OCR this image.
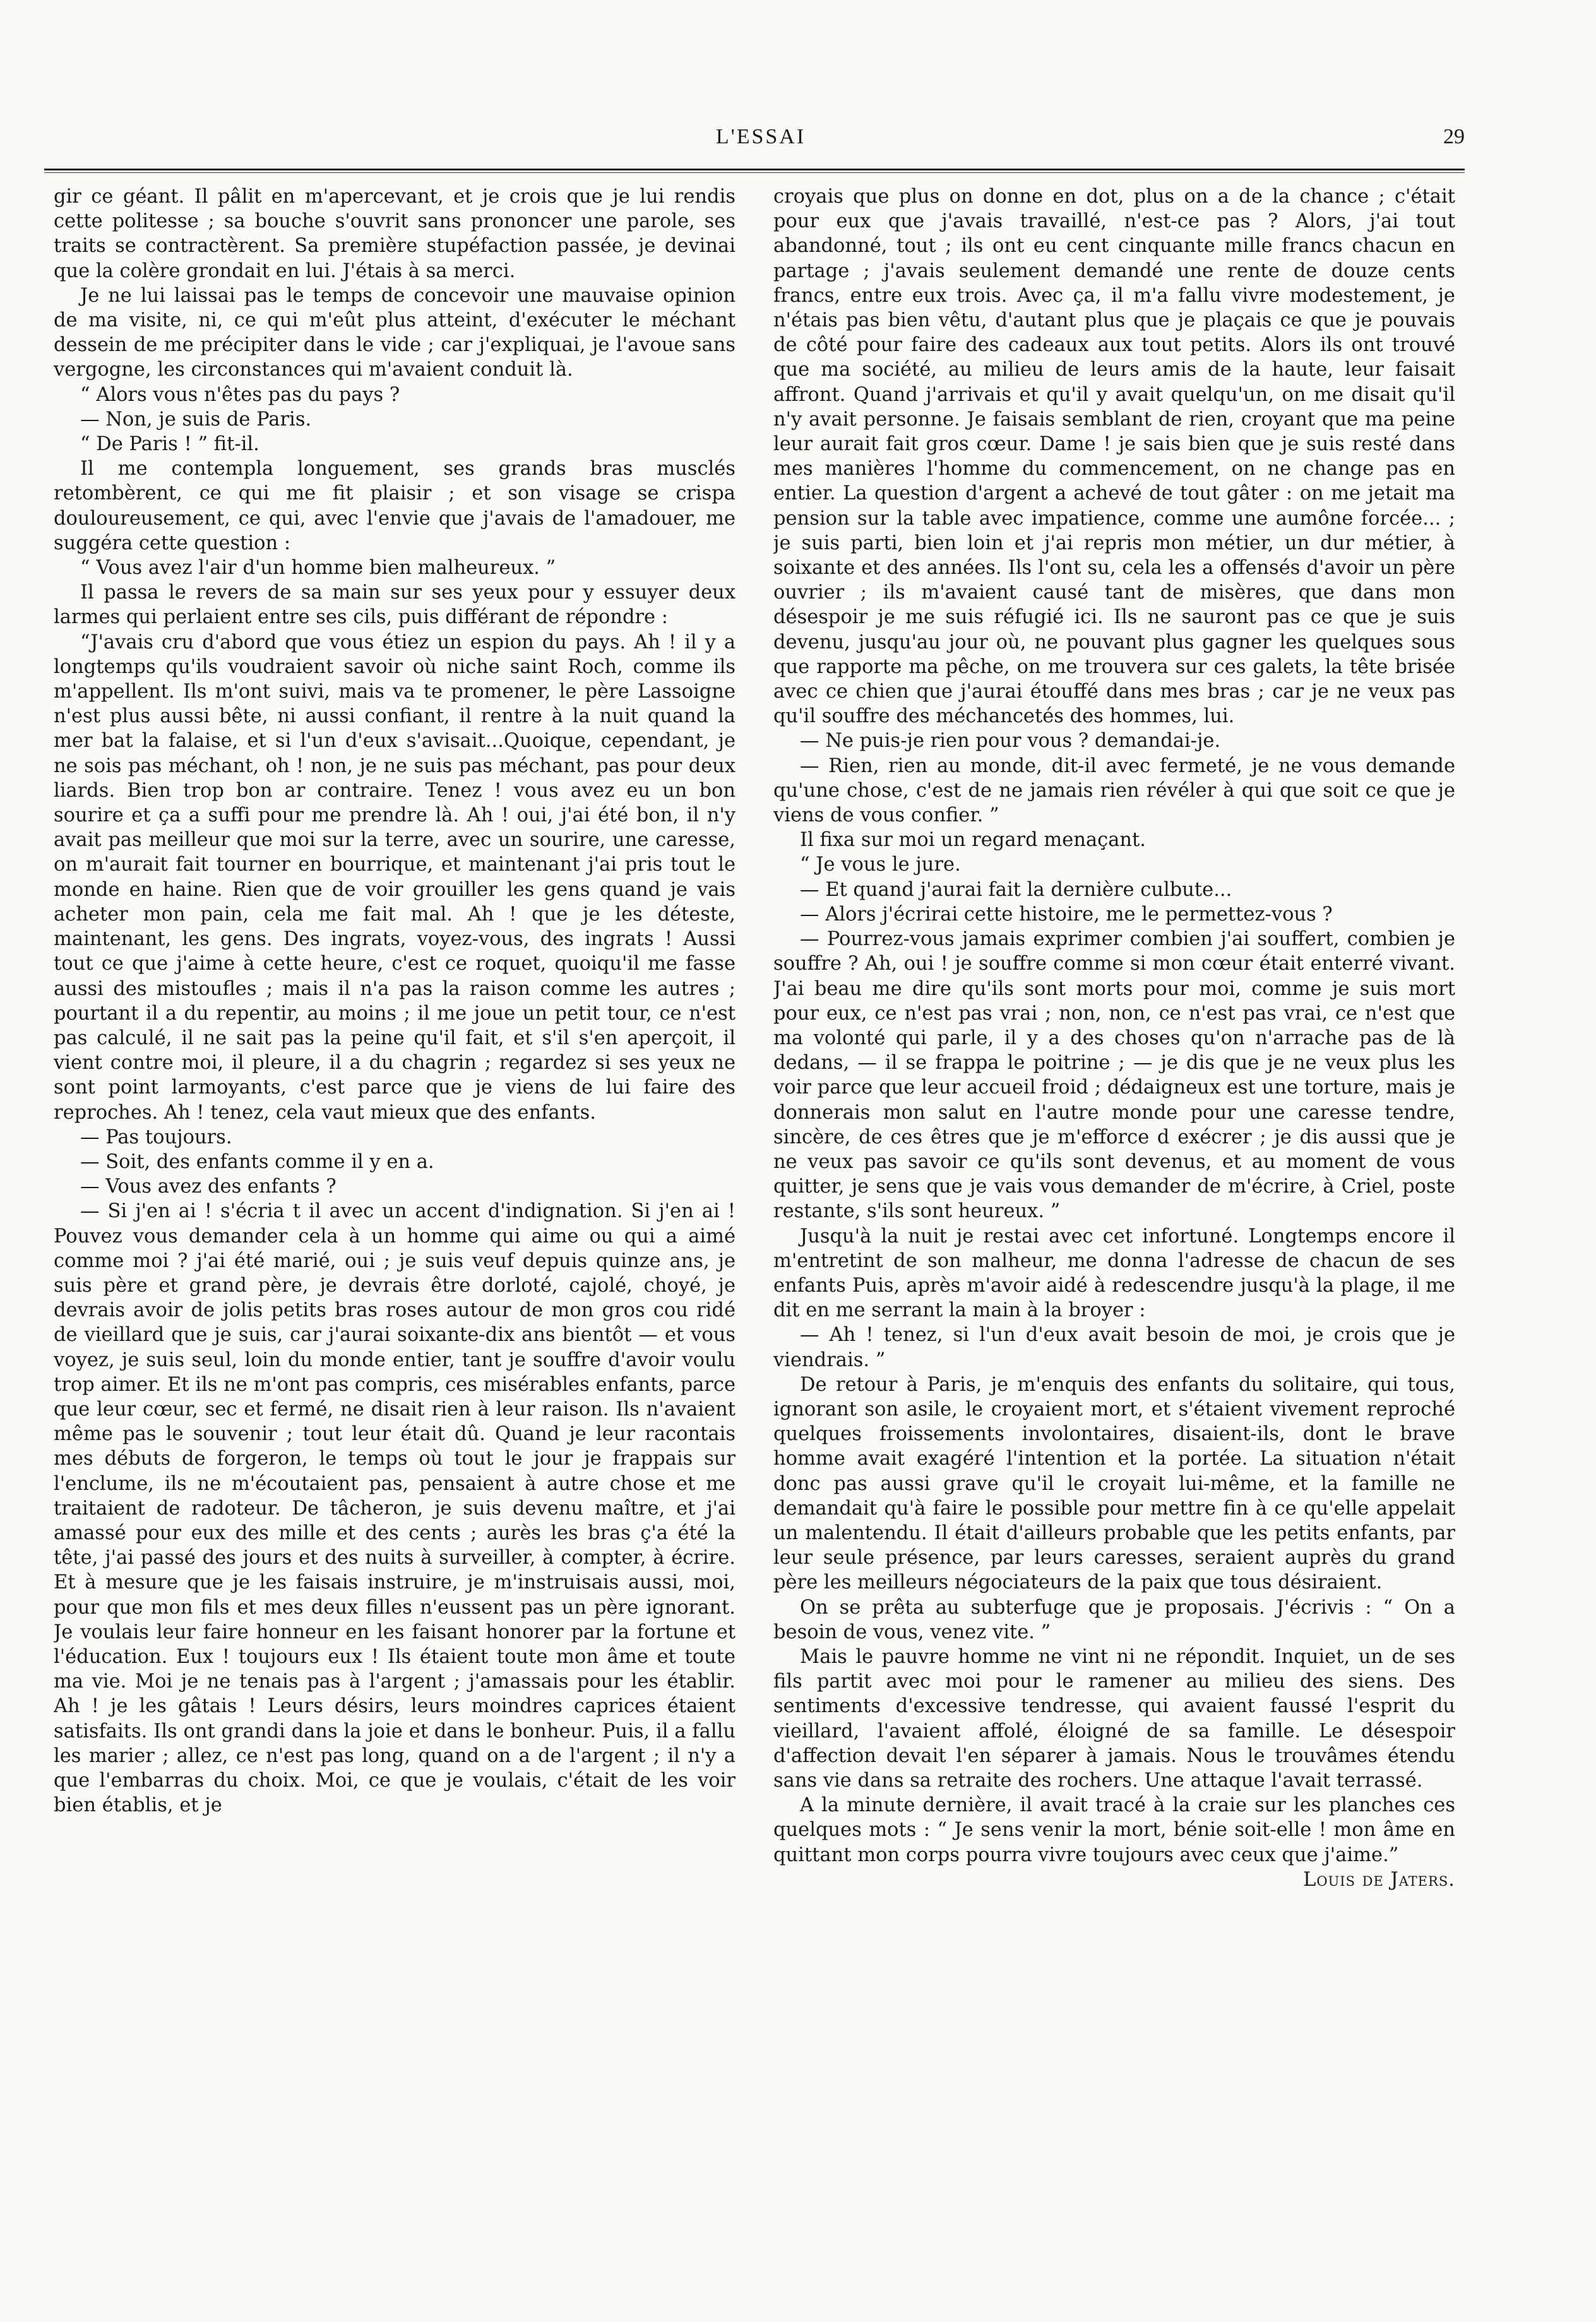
L'ESSAI	29

gir ce géant. Il pâlit en m'apercevant, et je crois que je lui rendis cette politesse ; sa bouche s'ouvrit sans prononcer une parole, ses traits se contractèrent. Sa première stupéfaction passée, je devinai que la colère grondait en lui. J'étais à sa merci.

Je ne lui laissai pas le temps de concevoir une mauvaise opinion de ma visite, ni, ce qui m'eût plus atteint, d'exécuter le méchant dessein de me précipiter dans le vide ; car j'expliquai, je l'avoue sans vergogne, les circonstances qui m'avaient conduit là.

“ Alors vous n'êtes pas du pays ?

— Non, je suis de Paris.

“ De Paris ! ” fit-il.

Il me contempla longuement, ses grands bras musclés retombèrent, ce qui me fit plaisir ; et son visage se crispa douloureusement, ce qui, avec l'envie que j'avais de l'amadouer, me suggéra cette question :

“ Vous avez l'air d'un homme bien malheureux. ”

Il passa le revers de sa main sur ses yeux pour y essuyer deux larmes qui perlaient entre ses cils, puis différant de répondre :

“J'avais cru d'abord que vous étiez un espion du pays. Ah ! il y a longtemps qu'ils voudraient savoir où niche saint Roch, comme ils m'appellent. Ils m'ont suivi, mais va te promener, le père Lassoigne n'est plus aussi bête, ni aussi confiant, il rentre à la nuit quand la mer bat la falaise, et si l'un d'eux s'avisait...Quoique, cependant, je ne sois pas méchant, oh ! non, je ne suis pas méchant, pas pour deux liards. Bien trop bon ar contraire. Tenez ! vous avez eu un bon sourire et ça a suffi pour me prendre là. Ah ! oui, j'ai été bon, il n'y avait pas meilleur que moi sur la terre, avec un sourire, une caresse, on m'aurait fait tourner en bourrique, et maintenant j'ai pris tout le monde en haine. Rien que de voir grouiller les gens quand je vais acheter mon pain, cela me fait mal. Ah ! que je les déteste, maintenant, les gens. Des ingrats, voyez-vous, des ingrats ! Aussi tout ce que j'aime à cette heure, c'est ce roquet, quoiqu'il me fasse aussi des mistoufles ; mais il n'a pas la raison comme les autres ; pourtant il a du repentir, au moins ; il me joue un petit tour, ce n'est pas calculé, il ne sait pas la peine qu'il fait, et s'il s'en aperçoit, il vient contre moi, il pleure, il a du chagrin ; regardez si ses yeux ne sont point larmoyants, c'est parce que je viens de lui faire des reproches. Ah ! tenez, cela vaut mieux que des enfants.

— Pas toujours.

— Soit, des enfants comme il y en a.

— Vous avez des enfants ?

— Si j'en ai ! s'écria t il avec un accent d'indignation. Si j'en ai ! Pouvez vous demander cela à un homme qui aime ou qui a aimé comme moi ? j'ai été marié, oui ; je suis veuf depuis quinze ans, je suis père et grand père, je devrais être dorloté, cajolé, choyé, je devrais avoir de jolis petits bras roses autour de mon gros cou ridé de vieillard que je suis, car j'aurai soixante-dix ans bientôt — et vous voyez, je suis seul, loin du monde entier, tant je souffre d'avoir voulu trop aimer. Et ils ne m'ont pas compris, ces misérables enfants, parce que leur cœur, sec et fermé, ne disait rien à leur raison. Ils n'avaient même pas le souvenir ; tout leur était dû. Quand je leur racontais mes débuts de forgeron, le temps où tout le jour je frappais sur l'enclume, ils ne m'écoutaient pas, pensaient à autre chose et me traitaient de radoteur. De tâcheron, je suis devenu maître, et j'ai amassé pour eux des mille et des cents ; aurès les bras ç'a été la tête, j'ai passé des jours et des nuits à surveiller, à compter, à écrire. Et à mesure que je les faisais instruire, je m'instruisais aussi, moi, pour que mon fils et mes deux filles n'eussent pas un père ignorant. Je voulais leur faire honneur en les faisant honorer par la fortune et l'éducation. Eux ! toujours eux ! Ils étaient toute mon âme et toute ma vie. Moi je ne tenais pas à l'argent ; j'amassais pour les établir. Ah ! je les gâtais ! Leurs désirs, leurs moindres caprices étaient satisfaits. Ils ont grandi dans la joie et dans le bonheur. Puis, il a fallu les marier ; allez, ce n'est pas long, quand on a de l'argent ; il n'y a que l'embarras du choix. Moi, ce que je voulais, c'était de les voir bien établis, et je

croyais que plus on donne en dot, plus on a de la chance ; c'était pour eux que j'avais travaillé, n'est-ce pas ? Alors, j'ai tout abandonné, tout ; ils ont eu cent cinquante mille francs chacun en partage ; j'avais seulement demandé une rente de douze cents francs, entre eux trois. Avec ça, il m'a fallu vivre modestement, je n'étais pas bien vêtu, d'autant plus que je plaçais ce que je pouvais de côté pour faire des cadeaux aux tout petits. Alors ils ont trouvé que ma société, au milieu de leurs amis de la haute, leur faisait affront. Quand j'arrivais et qu'il y avait quelqu'un, on me disait qu'il n'y avait personne. Je faisais semblant de rien, croyant que ma peine leur aurait fait gros cœur. Dame ! je sais bien que je suis resté dans mes manières l'homme du commencement, on ne change pas en entier. La question d'argent a achevé de tout gâter : on me jetait ma pension sur la table avec impatience, comme une aumône forcée... ; je suis parti, bien loin et j'ai repris mon métier, un dur métier, à soixante et des années. Ils l'ont su, cela les a offensés d'avoir un père ouvrier ; ils m'avaient causé tant de misères, que dans mon désespoir je me suis réfugié ici. Ils ne sauront pas ce que je suis devenu, jusqu'au jour où, ne pouvant plus gagner les quelques sous que rapporte ma pêche, on me trouvera sur ces galets, la tête brisée avec ce chien que j'aurai étouffé dans mes bras ; car je ne veux pas qu'il souffre des méchancetés des hommes, lui.

— Ne puis-je rien pour vous ? demandai-je.

— Rien, rien au monde, dit-il avec fermeté, je ne vous demande qu'une chose, c'est de ne jamais rien révéler à qui que soit ce que je viens de vous confier. ”

Il fixa sur moi un regard menaçant.

“ Je vous le jure.

— Et quand j'aurai fait la dernière culbute...

— Alors j'écrirai cette histoire, me le permettez-vous ?

— Pourrez-vous jamais exprimer combien j'ai souffert, combien je souffre ? Ah, oui ! je souffre comme si mon cœur était enterré vivant. J'ai beau me dire qu'ils sont morts pour moi, comme je suis mort pour eux, ce n'est pas vrai ; non, non, ce n'est pas vrai, ce n'est que ma volonté qui parle, il y a des choses qu'on n'arrache pas de là dedans, — il se frappa le poitrine ; — je dis que je ne veux plus les voir parce que leur accueil froid ; dédaigneux est une torture, mais je donnerais mon salut en l'autre monde pour une caresse tendre, sincère, de ces êtres que je m'efforce d exécrer ; je dis aussi que je ne veux pas savoir ce qu'ils sont devenus, et au moment de vous quitter, je sens que je vais vous demander de m'écrire, à Criel, poste restante, s'ils sont heureux. ”

Jusqu'à la nuit je restai avec cet infortuné. Longtemps encore il m'entretint de son malheur, me donna l'adresse de chacun de ses enfants Puis, après m'avoir aidé à redescendre jusqu'à la plage, il me dit en me serrant la main à la broyer :

— Ah ! tenez, si l'un d'eux avait besoin de moi, je crois que je viendrais. ”

De retour à Paris, je m'enquis des enfants du solitaire, qui tous, ignorant son asile, le croyaient mort, et s'étaient vivement reproché quelques froissements involontaires, disaient-ils, dont le brave homme avait exagéré l'intention et la portée. La situation n'était donc pas aussi grave qu'il le croyait lui-même, et la famille ne demandait qu'à faire le possible pour mettre fin à ce qu'elle appelait un malentendu. Il était d'ailleurs probable que les petits enfants, par leur seule présence, par leurs caresses, seraient auprès du grand père les meilleurs négociateurs de la paix que tous désiraient.

On se prêta au subterfuge que je proposais. J'écrivis : “ On a besoin de vous, venez vite. ”

Mais le pauvre homme ne vint ni ne répondit. Inquiet, un de ses fils partit avec moi pour le ramener au milieu des siens. Des sentiments d'excessive tendresse, qui avaient faussé l'esprit du vieillard, l'avaient affolé, éloigné de sa famille. Le désespoir d'affection devait l'en séparer à jamais. Nous le trouvâmes étendu sans vie dans sa retraite des rochers. Une attaque l'avait terrassé.

A la minute dernière, il avait tracé à la craie sur les planches ces quelques mots : “ Je sens venir la mort, bénie soit-elle ! mon âme en quittant mon corps pourra vivre toujours avec ceux que j'aime.”

Louis de Jaters.
